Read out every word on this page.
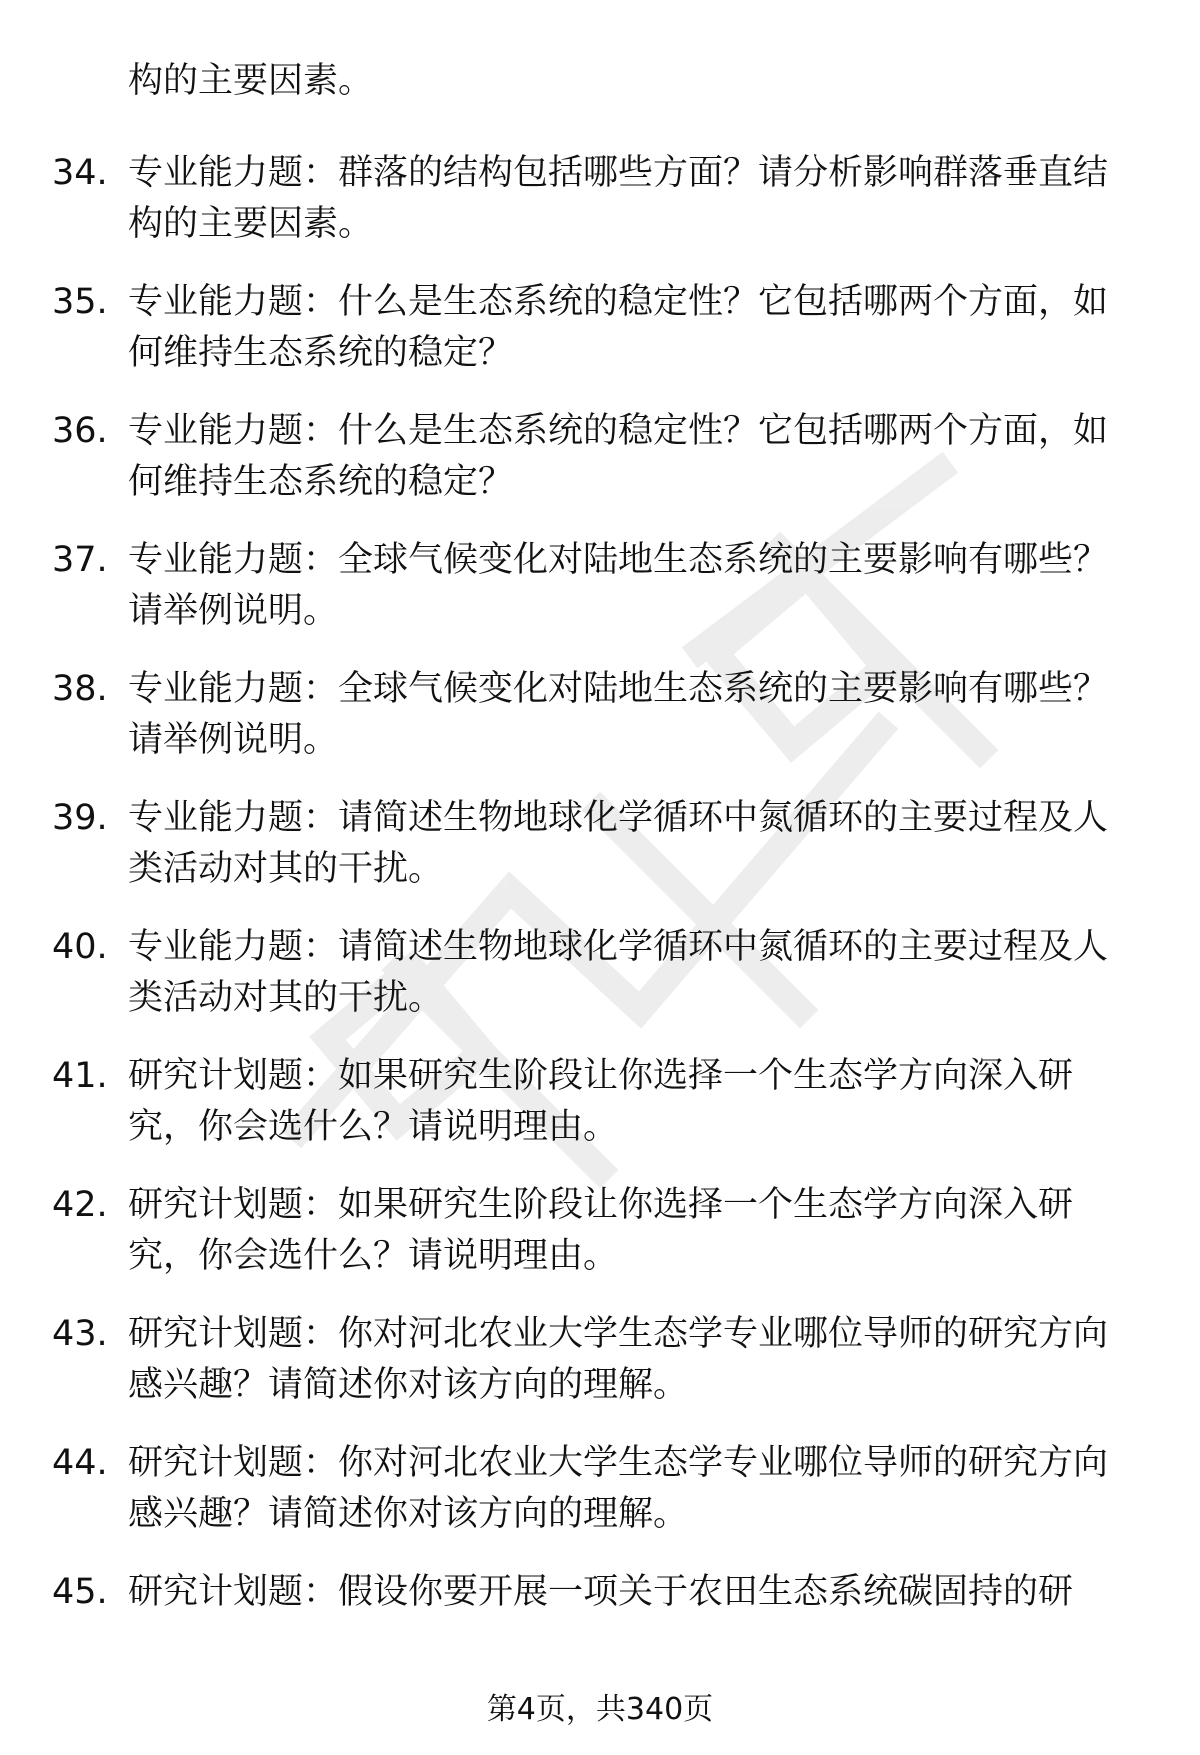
构的主要因素。
34. 专业能力题：群落的结构包括哪些方面？请分析影响群落垂直结
构的主要因素。
35. 专业能力题：什么是生态系统的稳定性？它包括哪两个方面，如
何维持生态系统的稳定？
36. 专业能力题：什么是生态系统的稳定性？它包括哪两个方面，如
何维持生态系统的稳定？
37. 专业能力题：全球气候变化对陆地生态系统的主要影响有哪些？
请举例说明。
38. 专业能力题：全球气候变化对陆地生态系统的主要影响有哪些？
请举例说明。
39. 专业能力题：请简述生物地球化学循环中氮循环的主要过程及人
类活动对其的干扰。
40. 专业能力题：请简述生物地球化学循环中氮循环的主要过程及人
类活动对其的干扰。
41. 研究计划题：如果研究生阶段让你选择一个生态学方向深入研
究，你会选什么？请说明理由。
42. 研究计划题：如果研究生阶段让你选择一个生态学方向深入研
究，你会选什么？请说明理由。
43. 研究计划题：你对河北农业大学生态学专业哪位导师的研究方向
感兴趣？请简述你对该方向的理解。
44. 研究计划题：你对河北农业大学生态学专业哪位导师的研究方向
感兴趣？请简述你对该方向的理解。
45. 研究计划题：假设你要开展一项关于农田生态系统碳固持的研
第4页，共340页
